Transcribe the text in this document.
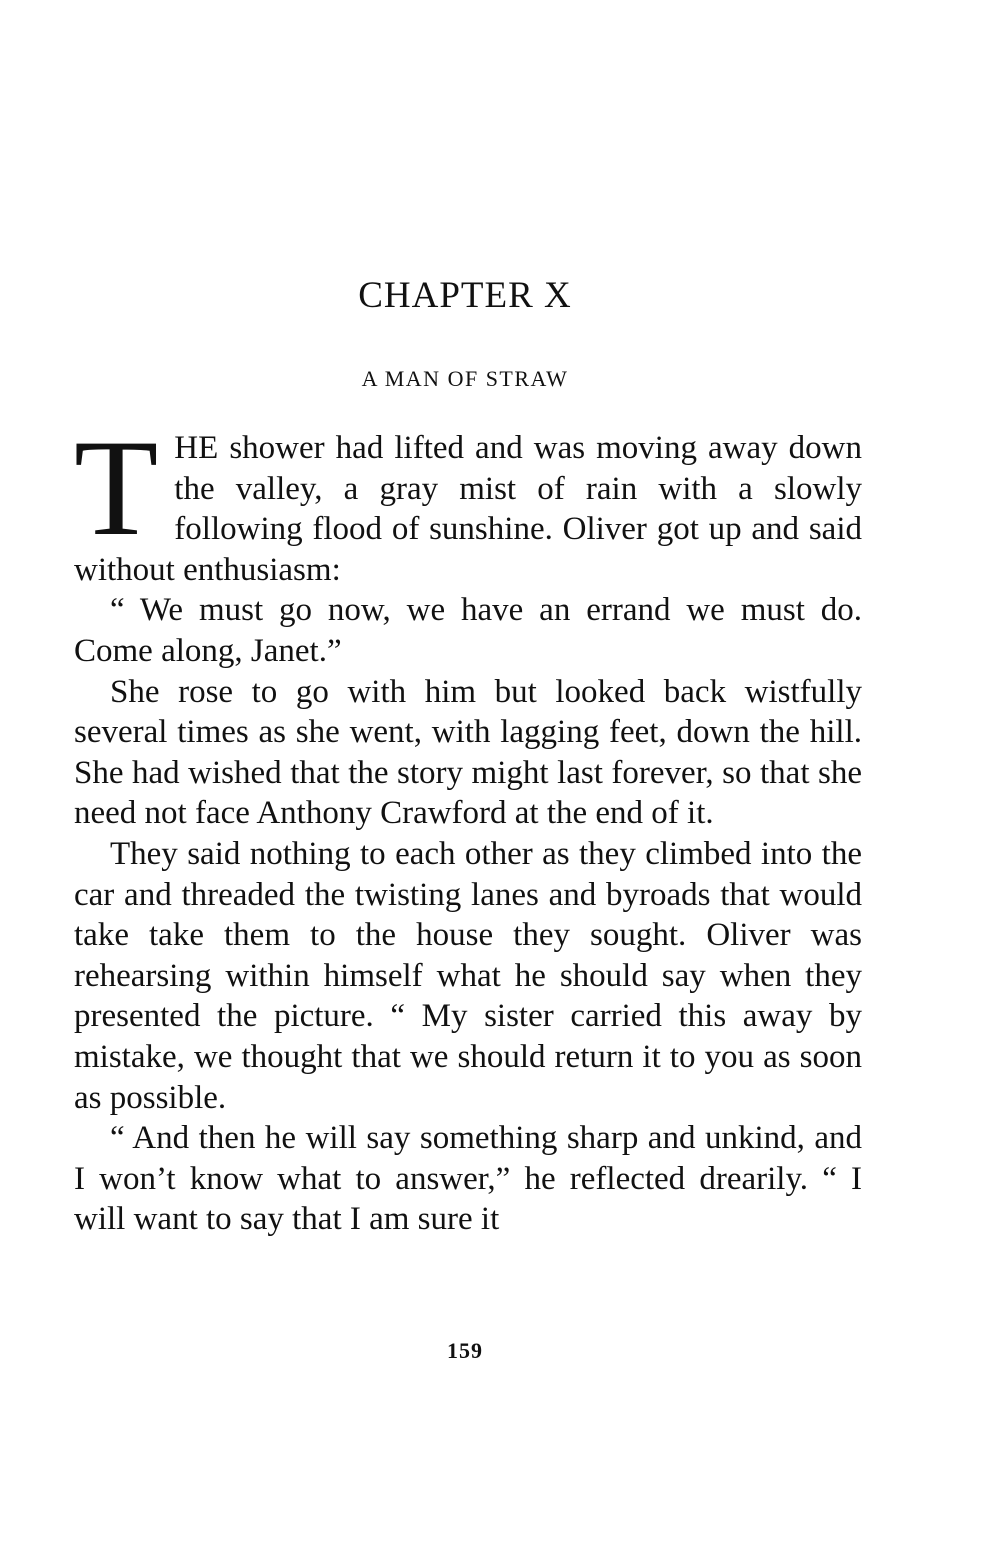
CHAPTER X
A MAN OF STRAW

THE shower had lifted and was moving away down the valley, a gray mist of rain with a slowly following flood of sunshine. Oliver got up and said without enthusiasm:

“ We must go now, we have an errand we must do. Come along, Janet.”

She rose to go with him but looked back wistfully several times as she went, with lagging feet, down the hill. She had wished that the story might last forever, so that she need not face Anthony Crawford at the end of it.

They said nothing to each other as they climbed into the car and threaded the twisting lanes and byroads that would take take them to the house they sought. Oliver was rehearsing within himself what he should say when they presented the picture. “ My sister carried this away by mistake, we thought that we should return it to you as soon as possible.

“ And then he will say something sharp and unkind, and I won’t know what to answer,” he reflected drearily. “ I will want to say that I am sure it

159
